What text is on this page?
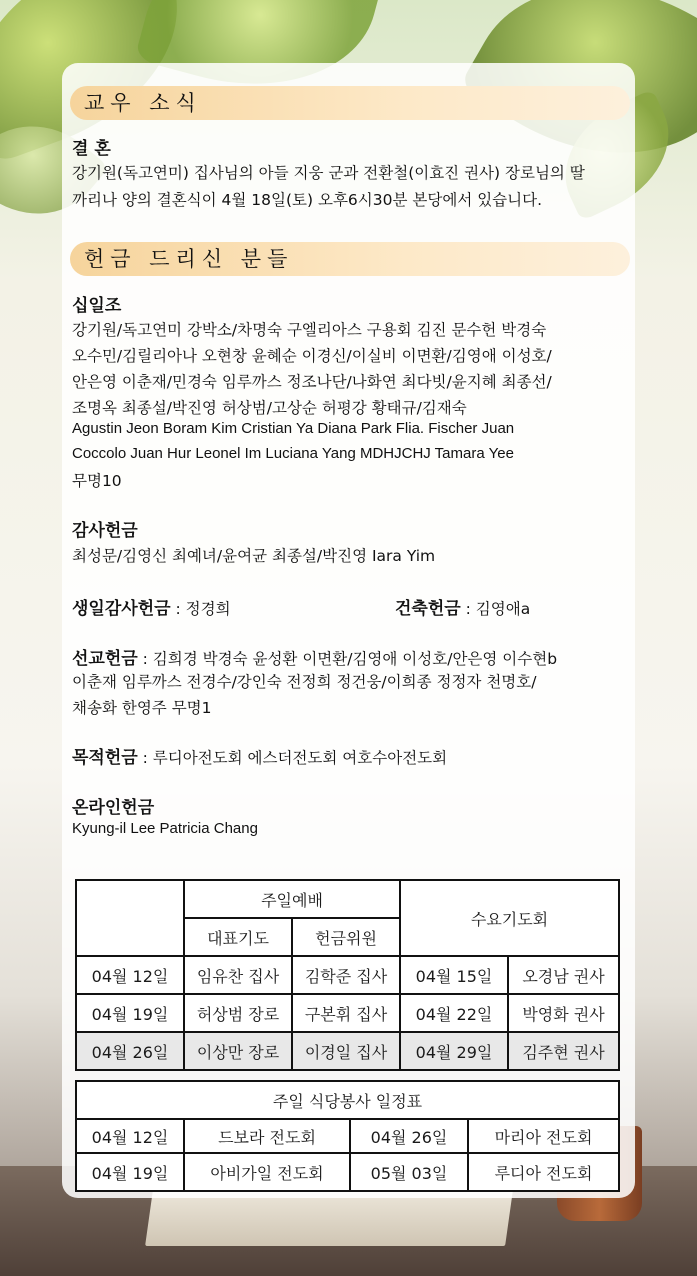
교우 소식
결 혼
강기원(독고연미) 집사님의 아들 지웅 군과 전환철(이효진 권사) 장로님의 딸
까리나 양의 결혼식이 4월 18일(토) 오후6시30분 본당에서 있습니다.
헌금 드리신 분들
십일조
강기원/독고연미 강박소/차명숙 구엘리아스 구용회 김진 문수헌 박경숙
오수민/김릴리아나 오현창 윤혜순 이경신/이실비 이면환/김영애 이성호/
안은영 이춘재/민경숙 임루까스 정조나단/나화연 최다빗/윤지혜 최종선/
조명옥 최종설/박진영 허상범/고상순 허평강 황태규/김재숙
Agustin Jeon Boram Kim Cristian Ya Diana Park Flia. Fischer Juan
Coccolo Juan Hur Leonel Im Luciana Yang MDHJCHJ Tamara Yee
무명10
감사헌금
최성문/김영신 최예녀/윤여균 최종설/박진영 Iara Yim
생일감사헌금 : 정경희	건축헌금 : 김영애a
선교헌금 : 김희경 박경숙 윤성환 이면환/김영애 이성호/안은영 이수현b
이춘재 임루까스 전경수/강인숙 전정희 정건웅/이희종 정정자 천명호/
채송화 한영주 무명1
목적헌금 : 루디아전도회 에스더전도회 여호수아전도회
온라인헌금
Kyung-il Lee Patricia Chang
	주일예배		수요기도회	
	대표기도	헌금위원		
04월 12일	임유찬 집사	김학준 집사	04월 15일	오경남 권사
04월 19일	허상범 장로	구본휘 집사	04월 22일	박영화 권사
04월 26일	이상만 장로	이경일 집사	04월 29일	김주현 권사
주일 식당봉사 일정표			
04월 12일	드보라 전도회	04월 26일	마리아 전도회
04월 19일	아비가일 전도회	05월 03일	루디아 전도회
